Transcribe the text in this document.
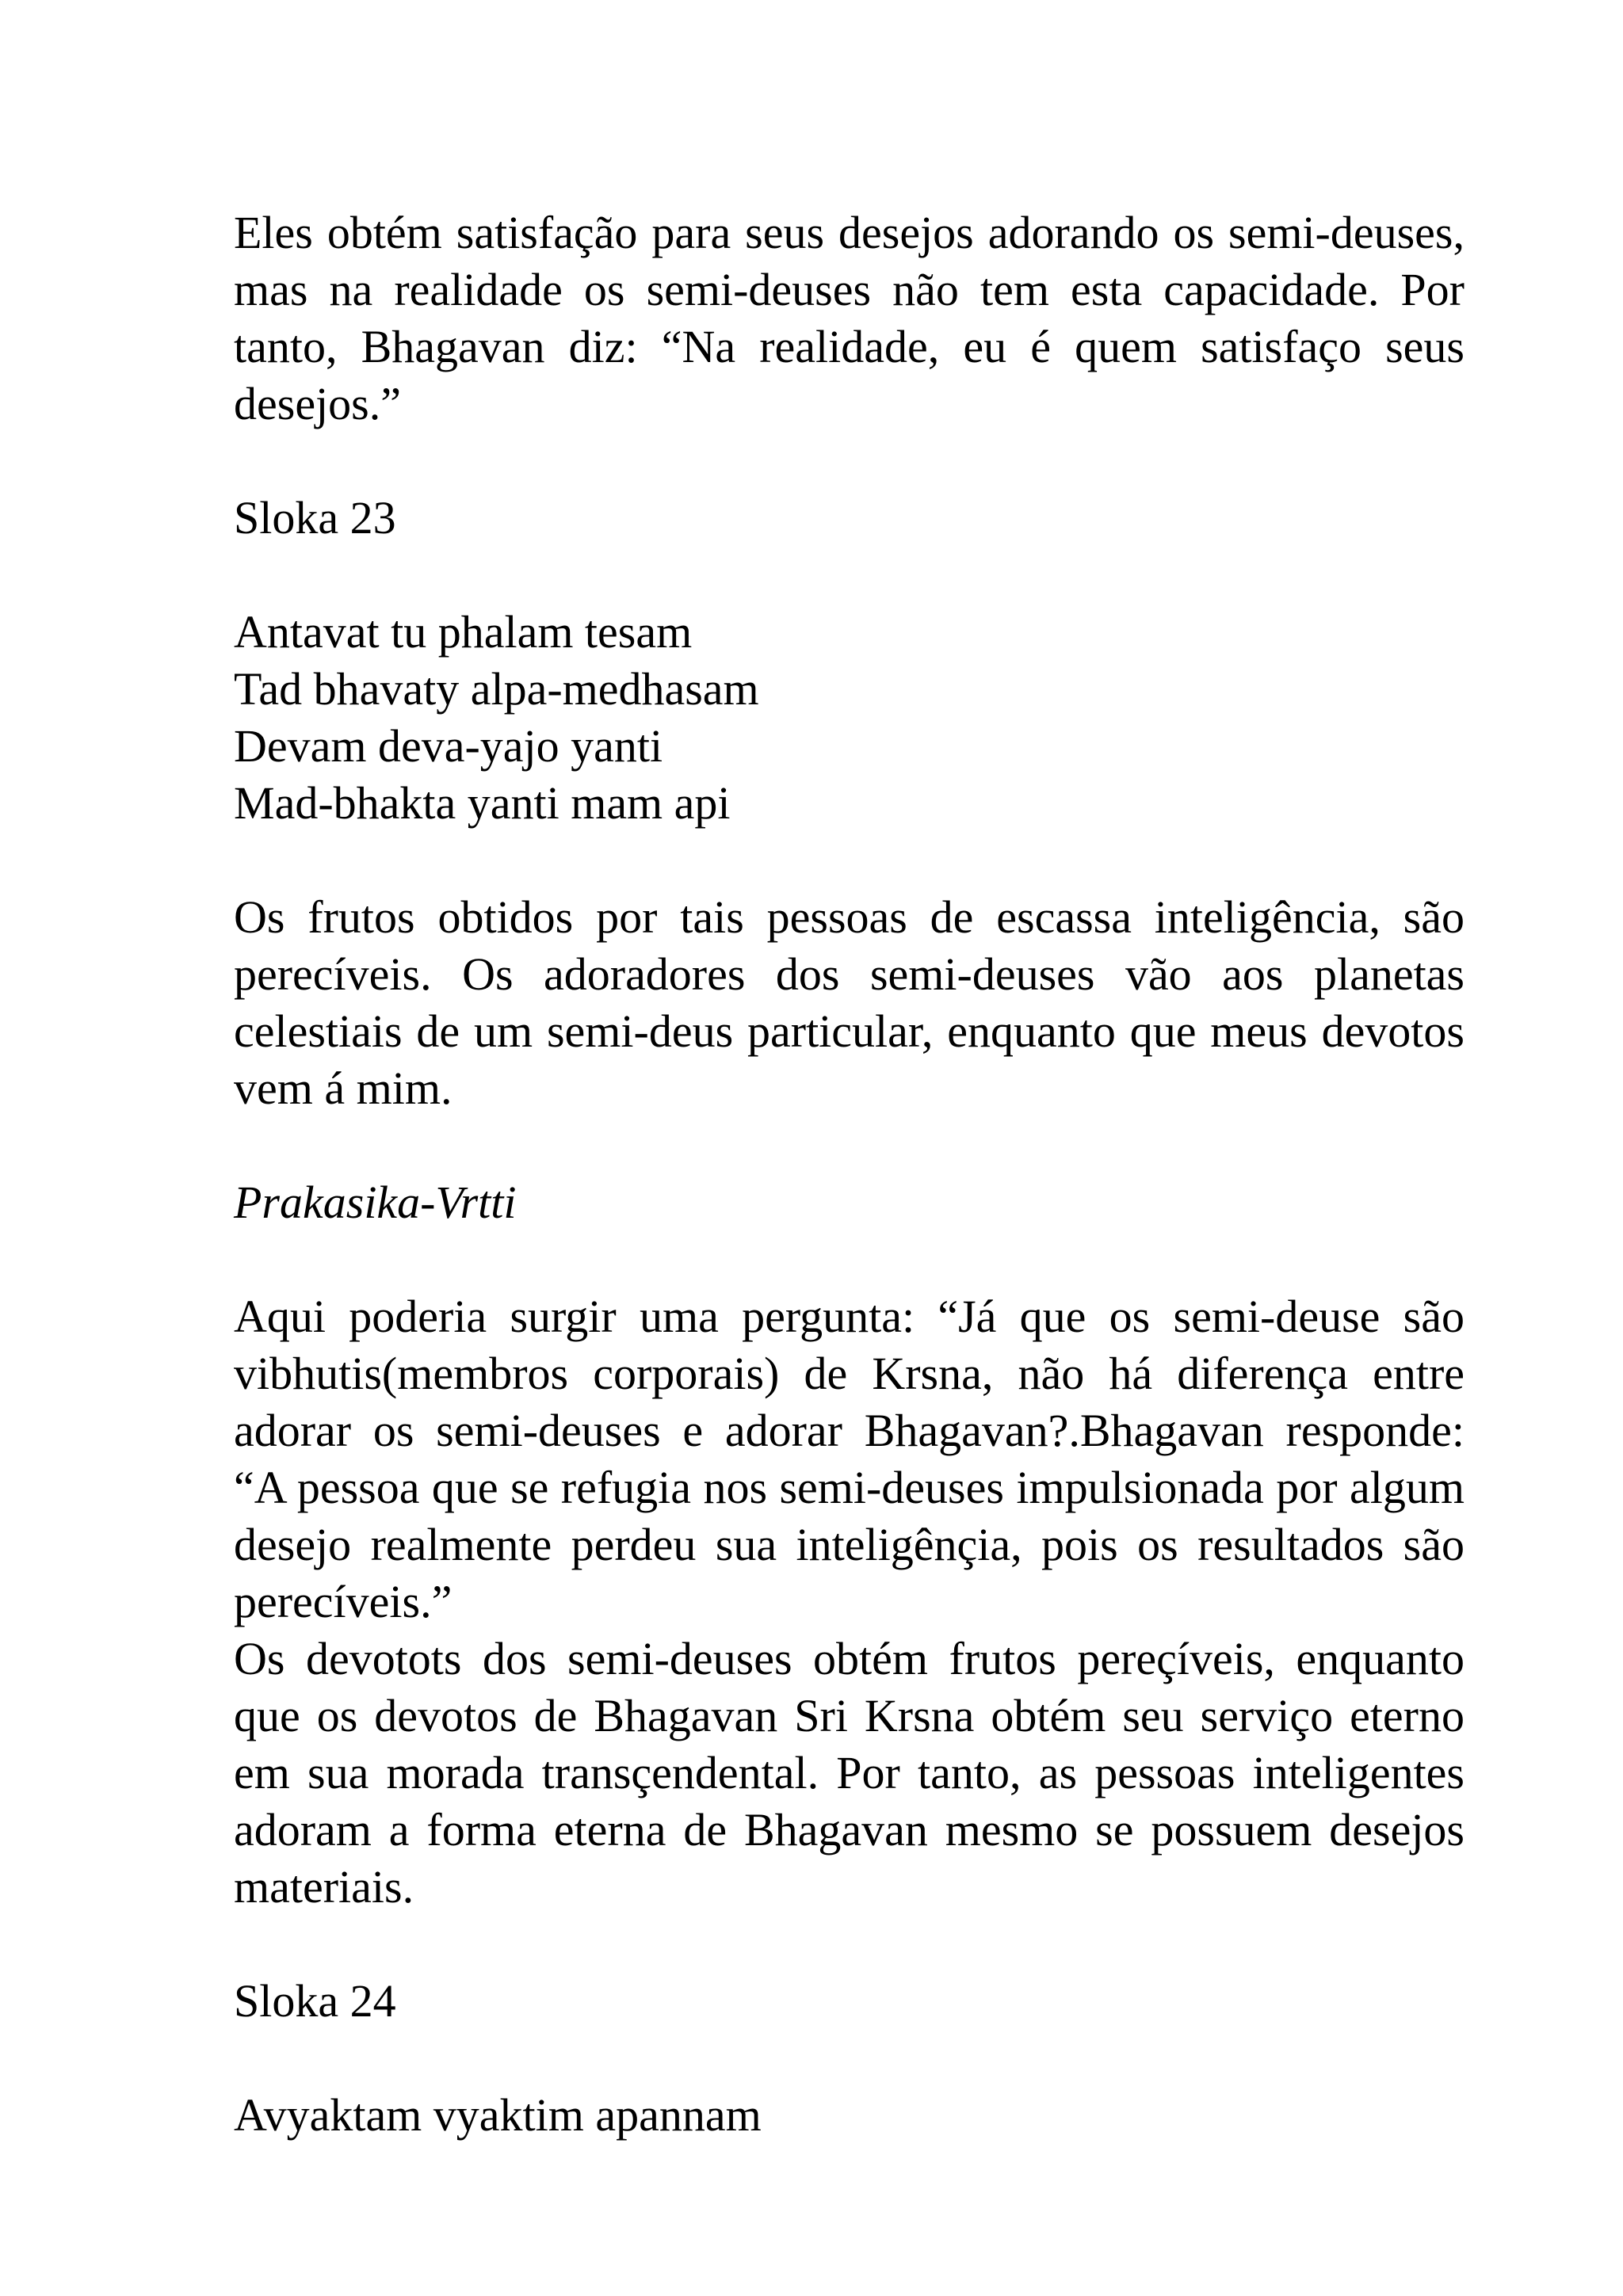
Eles obtém satisfação para seus desejos adorando os semi-deuses, mas na realidade os semi-deuses não tem esta capacidade. Por tanto, Bhagavan diz: “Na realidade, eu é quem satisfaço seus desejos.”

Sloka 23

Antavat tu phalam tesam

Tad bhavaty alpa-medhasam

Devam deva-yajo yanti

Mad-bhakta yanti mam api

Os frutos obtidos por tais pessoas de escassa inteligência, são perecíveis. Os adoradores dos semi-deuses vão aos planetas celestiais de um semi-deus particular, enquanto que meus devotos vem á mim.

Prakasika-Vrtti

Aqui poderia surgir uma pergunta: “Já que os semi-deuse são vibhutis(membros corporais) de Krsna, não há diferença entre adorar os semi-deuses e adorar Bhagavan?.Bhagavan responde: “A pessoa que se refugia nos semi-deuses impulsionada por algum desejo realmente perdeu sua inteligênçia, pois os resultados são perecíveis.”

Os devotots dos semi-deuses obtém frutos pereçíveis, enquanto que os devotos de Bhagavan Sri Krsna obtém seu serviço eterno em sua morada transçendental. Por tanto, as pessoas inteligentes adoram a forma eterna de Bhagavan mesmo se possuem desejos materiais.

Sloka 24

Avyaktam vyaktim apannam
